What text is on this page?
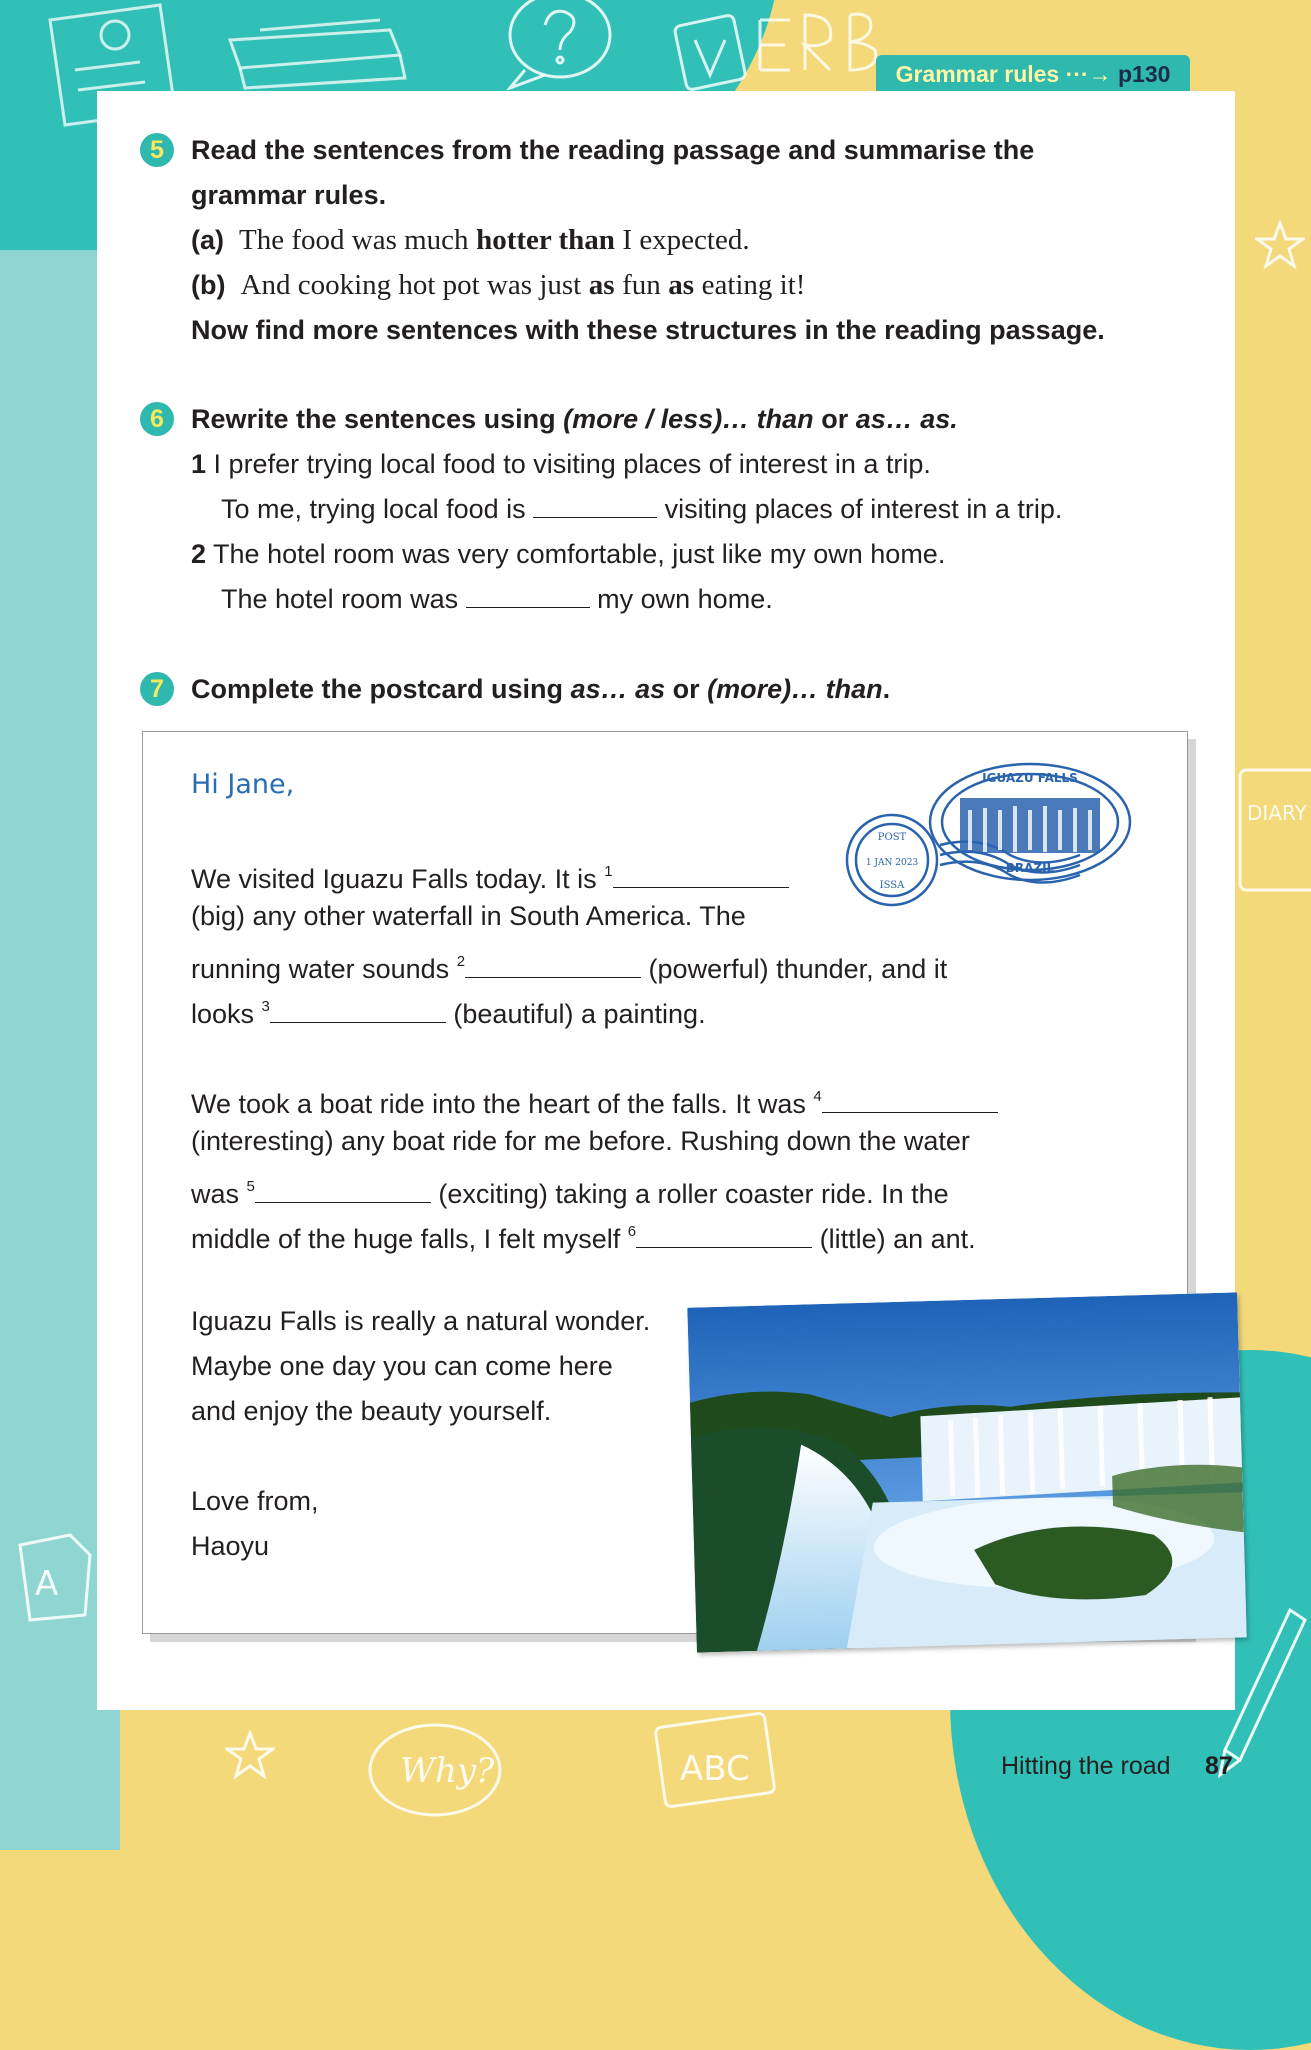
DIARY
Why?	ABC
A
Grammar rules ···→ p130
5	Read the sentences from the reading passage and summarise the
grammar rules.
(a) The food was much hotter than I expected.
(b) And cooking hot pot was just as fun as eating it!
Now find more sentences with these structures in the reading passage.
6	Rewrite the sentences using (more / less)… than or as… as.
1 I prefer trying local food to visiting places of interest in a trip.
To me, trying local food is	visiting places of interest in a trip.
2 The hotel room was very comfortable, just like my own home.
The hotel room was	my own home.
7	Complete the postcard using as… as or (more)… than.
Hi Jane,
We visited Iguazu Falls today. It is $^1$
(big) any other waterfall in South America. The
running water sounds $^2$	(powerful) thunder, and it
looks $^3$	(beautiful) a painting.
We took a boat ride into the heart of the falls. It was $^4$
(interesting) any boat ride for me before. Rushing down the water
was $^5$	(exciting) taking a roller coaster ride. In the
middle of the huge falls, I felt myself $^6$	(little) an ant.
Iguazu Falls is really a natural wonder.
Maybe one day you can come here
and enjoy the beauty yourself.
Love from,
Haoyu
IGUAZU FALLS
BRAZIL
POST
1 JAN 2023
ISSA
Hitting the road 87
